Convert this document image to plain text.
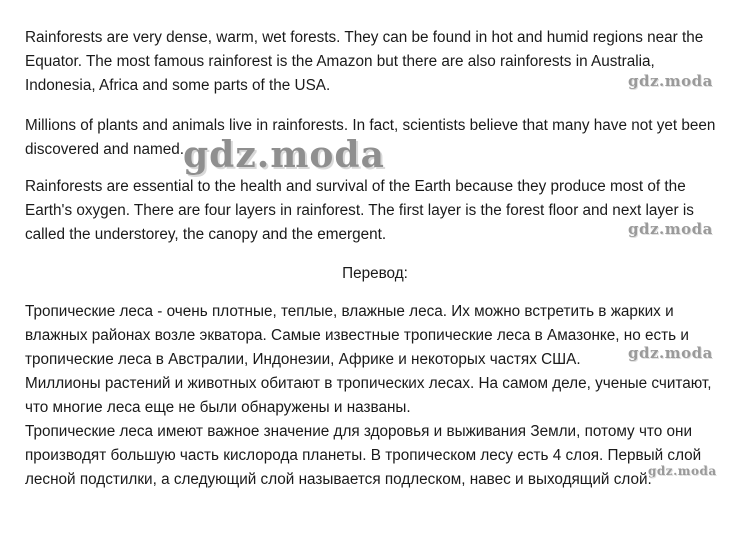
Rainforests are very dense, warm, wet forests. They can be found in hot and humid regions near the Equator. The most famous rainforest is the Amazon but there are also rainforests in Australia, Indonesia, Africa and some parts of the USA.

Millions of plants and animals live in rainforests. In fact, scientists believe that many have not yet been discovered and named.

Rainforests are essential to the health and survival of the Earth because they produce most of the Earth's oxygen. There are four layers in rainforest. The first layer is the forest floor and next layer is called the understorey, the canopy and the emergent.

Перевод:

Тропические леса - очень плотные, теплые, влажные леса. Их можно встретить в жарких и
влажных районах возле экватора. Самые известные тропические леса в Амазонке, но есть и
тропические леса в Австралии, Индонезии, Африке и некоторых частях США.
Миллионы растений и животных обитают в тропических лесах. На самом деле, ученые считают,
что многие леса еще не были обнаружены и названы.
Тропические леса имеют важное значение для здоровья и выживания Земли, потому что они
производят большую часть кислорода планеты. В тропическом лесу есть 4 слоя. Первый слой
лесной подстилки, а следующий слой называется подлеском, навес и выходящий слой.
gdz.moda
gdz.moda
gdz.moda
gdz.moda
gdz.moda
